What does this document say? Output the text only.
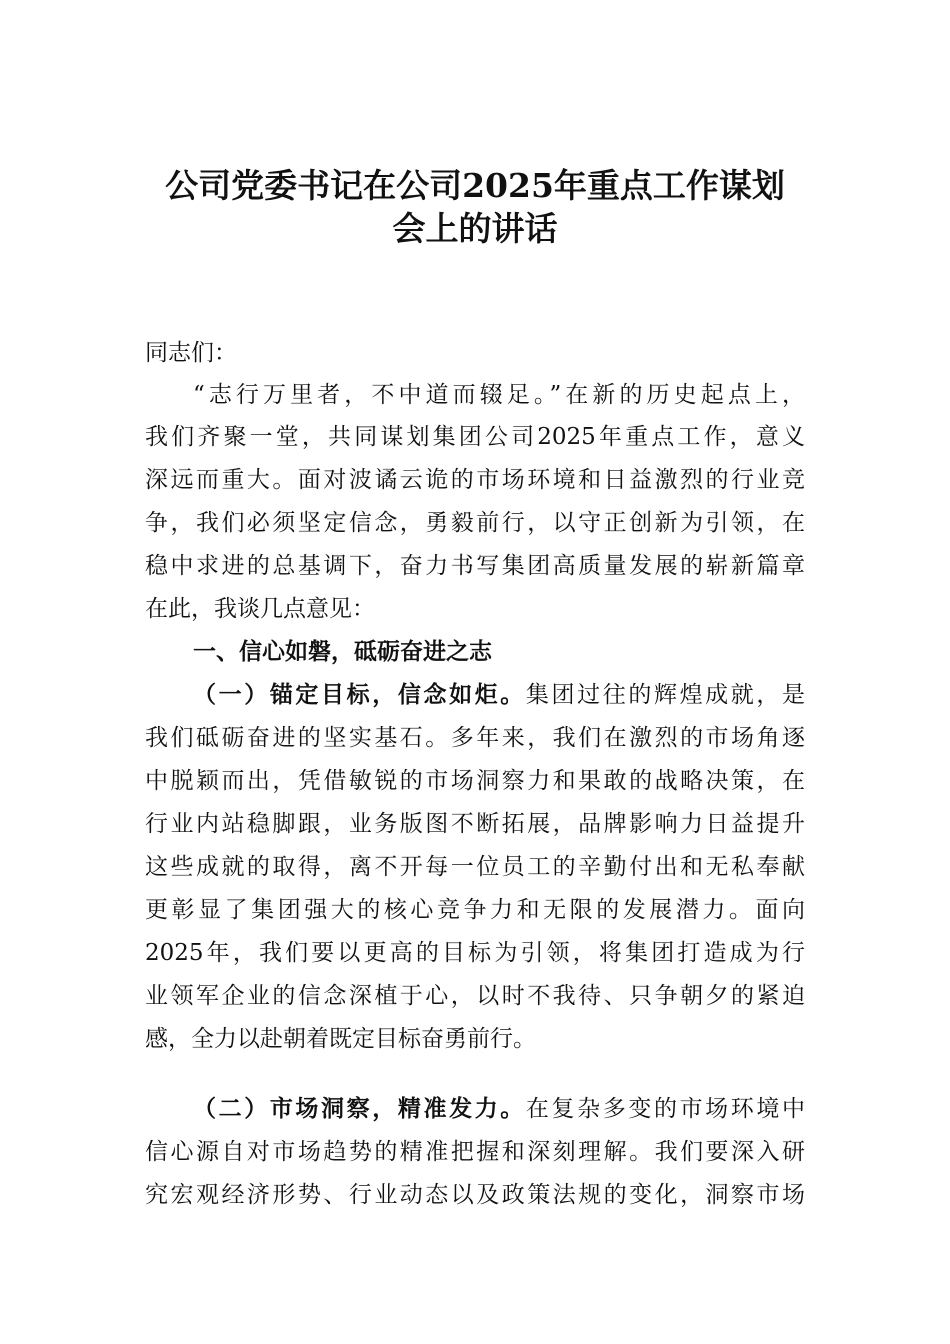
公司党委书记在公司2025年重点工作谋划
会上的讲话
同志们：
“志行万里者，不中道而辍足。”在新的历史起点上，
我们齐聚一堂，共同谋划集团公司2025年重点工作，意义
深远而重大。面对波谲云诡的市场环境和日益激烈的行业竞
争，我们必须坚定信念，勇毅前行，以守正创新为引领，在
稳中求进的总基调下，奋力书写集团高质量发展的崭新篇章
在此，我谈几点意见：
一、信心如磐，砥砺奋进之志
（一）锚定目标，信念如炬。集团过往的辉煌成就，是
我们砥砺奋进的坚实基石。多年来，我们在激烈的市场角逐
中脱颖而出，凭借敏锐的市场洞察力和果敢的战略决策，在
行业内站稳脚跟，业务版图不断拓展，品牌影响力日益提升
这些成就的取得，离不开每一位员工的辛勤付出和无私奉献
更彰显了集团强大的核心竞争力和无限的发展潜力。面向
2025年，我们要以更高的目标为引领，将集团打造成为行
业领军企业的信念深植于心，以时不我待、只争朝夕的紧迫
感，全力以赴朝着既定目标奋勇前行。
（二）市场洞察，精准发力。在复杂多变的市场环境中
信心源自对市场趋势的精准把握和深刻理解。我们要深入研
究宏观经济形势、行业动态以及政策法规的变化，洞察市场
